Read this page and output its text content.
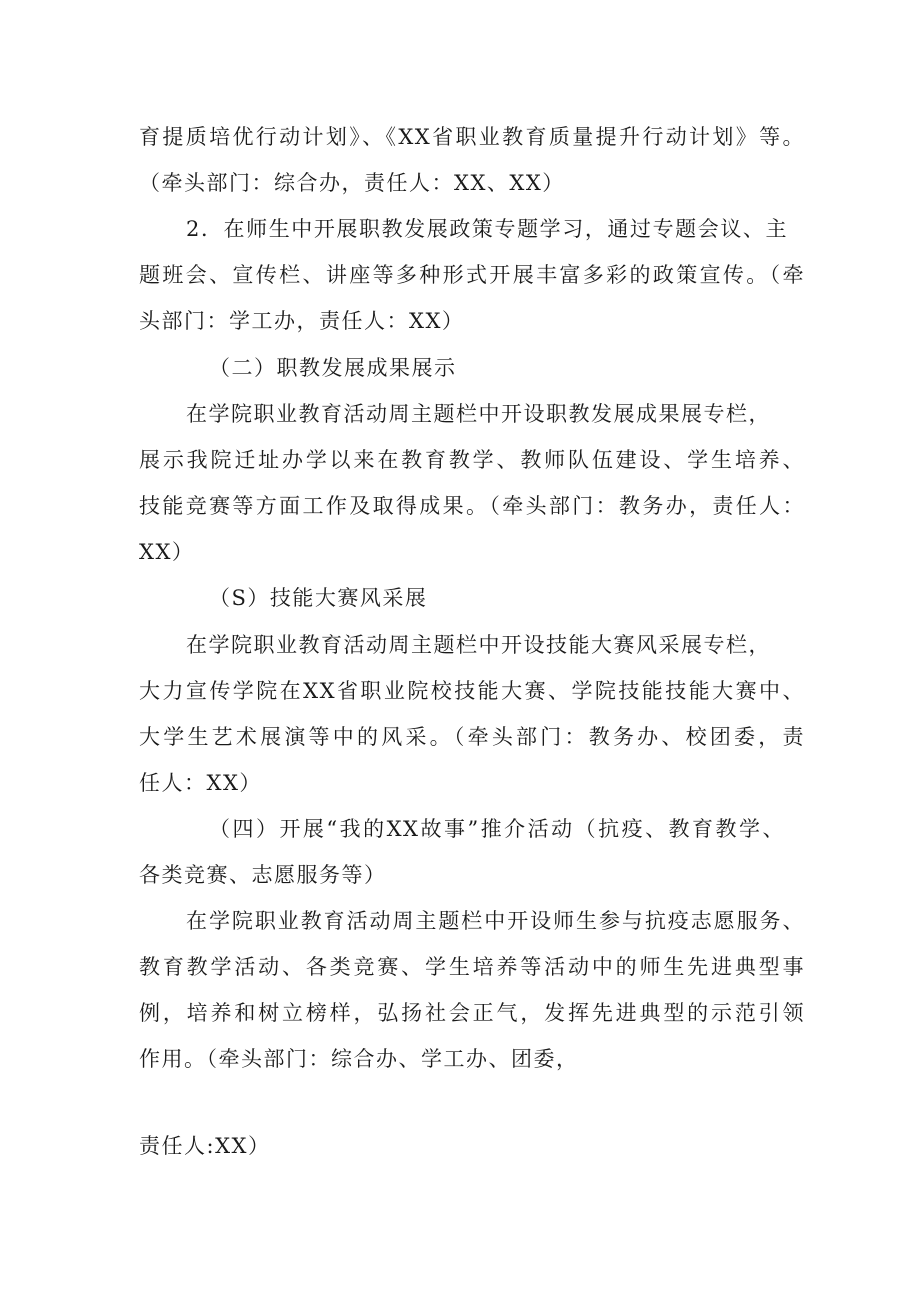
育提质培优行动计划》、《XX省职业教育质量提升行动计划》等。
（牵头部门：综合办，责任人：XX、XX）
2．在师生中开展职教发展政策专题学习，通过专题会议、主
题班会、宣传栏、讲座等多种形式开展丰富多彩的政策宣传。（牵
头部门：学工办，责任人：XX）
（二）职教发展成果展示
在学院职业教育活动周主题栏中开设职教发展成果展专栏，
展示我院迁址办学以来在教育教学、教师队伍建设、学生培养、
技能竞赛等方面工作及取得成果。（牵头部门：教务办，责任人：
XX）
（S）技能大赛风采展
在学院职业教育活动周主题栏中开设技能大赛风采展专栏，
大力宣传学院在XX省职业院校技能大赛、学院技能技能大赛中、
大学生艺术展演等中的风采。（牵头部门：教务办、校团委，责
任人：XX）
（四）开展“我的XX故事”推介活动（抗疫、教育教学、
各类竞赛、志愿服务等）
在学院职业教育活动周主题栏中开设师生参与抗疫志愿服务、
教育教学活动、各类竞赛、学生培养等活动中的师生先进典型事
例，培养和树立榜样，弘扬社会正气，发挥先进典型的示范引领
作用。（牵头部门：综合办、学工办、团委，
责任人:XX）
